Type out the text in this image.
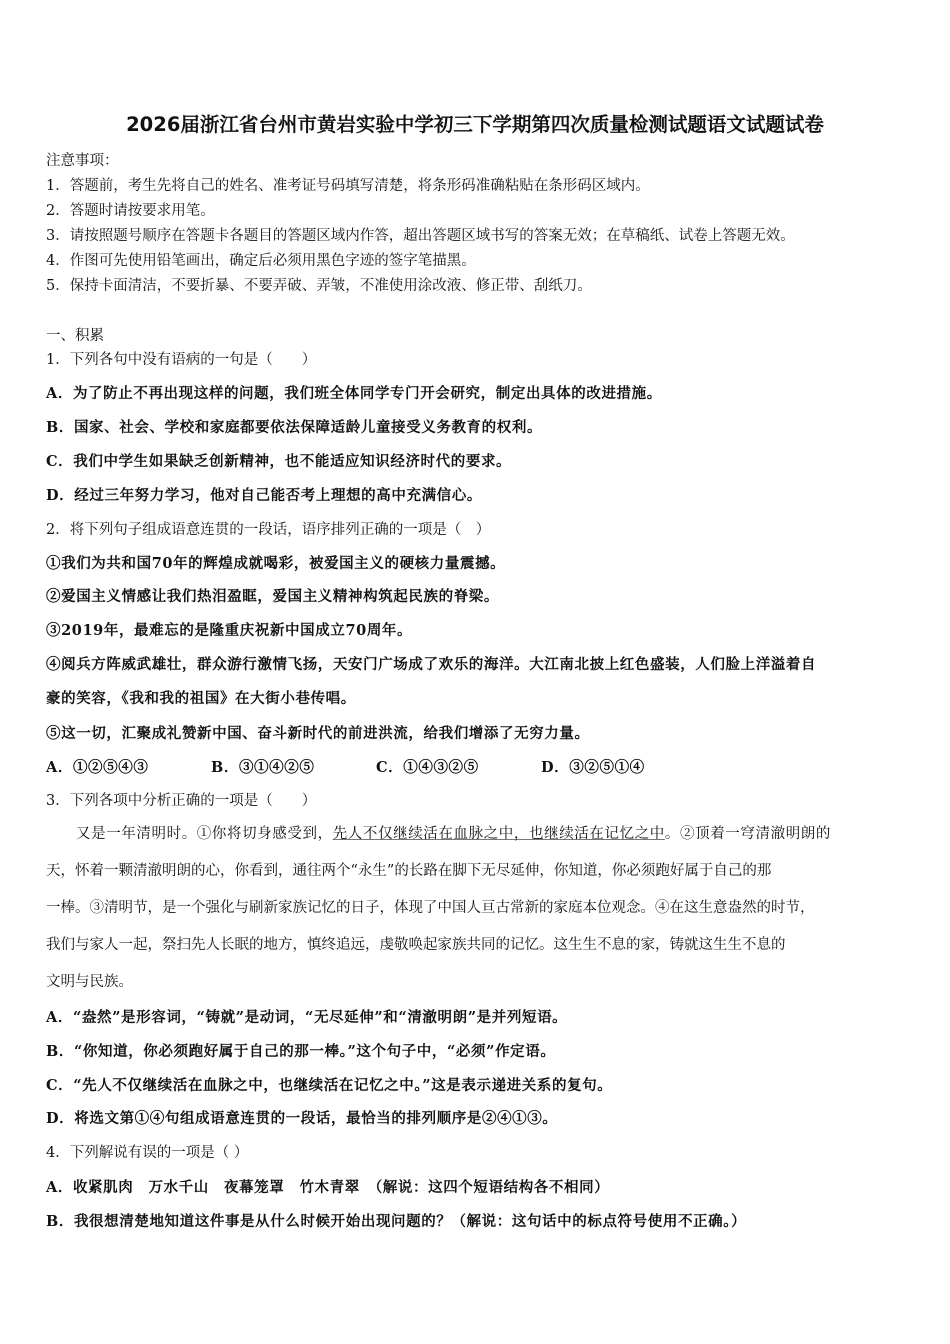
2026届浙江省台州市黄岩实验中学初三下学期第四次质量检测试题语文试题试卷
注意事项：
1．答题前，考生先将自己的姓名、准考证号码填写清楚，将条形码准确粘贴在条形码区域内。
2．答题时请按要求用笔。
3．请按照题号顺序在答题卡各题目的答题区域内作答，超出答题区域书写的答案无效；在草稿纸、试卷上答题无效。
4．作图可先使用铅笔画出，确定后必须用黑色字迹的签字笔描黑。
5．保持卡面清洁，不要折暴、不要弄破、弄皱，不准使用涂改液、修正带、刮纸刀。
一、积累
1．下列各句中没有语病的一句是（　　）
A．为了防止不再出现这样的问题，我们班全体同学专门开会研究，制定出具体的改进措施。
B．国家、社会、学校和家庭都要依法保障适龄儿童接受义务教育的权利。
C．我们中学生如果缺乏创新精神，也不能适应知识经济时代的要求。
D．经过三年努力学习，他对自己能否考上理想的高中充满信心。
2．将下列句子组成语意连贯的一段话，语序排列正确的一项是（　）
①我们为共和国70年的辉煌成就喝彩，被爱国主义的硬核力量震撼。
②爱国主义情感让我们热泪盈眶，爱国主义精神构筑起民族的脊梁。
③2019年，最难忘的是隆重庆祝新中国成立70周年。
④阅兵方阵威武雄壮，群众游行激情飞扬，天安门广场成了欢乐的海洋。大江南北披上红色盛装，人们脸上洋溢着自
豪的笑容，《我和我的祖国》在大街小巷传唱。
⑤这一切，汇聚成礼赞新中国、奋斗新时代的前进洪流，给我们增添了无穷力量。
A．①②⑤④③	B．③①④②⑤	C．①④③②⑤	D．③②⑤①④
3．下列各项中分析正确的一项是（　　）
又是一年清明时。①你将切身感受到，先人不仅继续活在血脉之中，也继续活在记忆之中。②顶着一穹清澈明朗的
天，怀着一颗清澈明朗的心，你看到，通往两个“永生”的长路在脚下无尽延伸，你知道，你必须跑好属于自己的那
一棒。③清明节，是一个强化与刷新家族记忆的日子，体现了中国人亘古常新的家庭本位观念。④在这生意盎然的时节，
我们与家人一起，祭扫先人长眠的地方，慎终追远，虔敬唤起家族共同的记忆。这生生不息的家，铸就这生生不息的
文明与民族。
A．“盎然”是形容词，“铸就”是动词，“无尽延伸”和“清澈明朗”是并列短语。
B．“你知道，你必须跑好属于自己的那一棒。”这个句子中，“必须”作定语。
C．“先人不仅继续活在血脉之中，也继续活在记忆之中。”这是表示递进关系的复句。
D．将选文第①④句组成语意连贯的一段话，最恰当的排列顺序是②④①③。
4．下列解说有误的一项是（ ）
A．收紧肌肉　万水千山　夜幕笼罩　竹木青翠　（解说：这四个短语结构各不相同）
B．我很想清楚地知道这件事是从什么时候开始出现问题的？（解说：这句话中的标点符号使用不正确。）
